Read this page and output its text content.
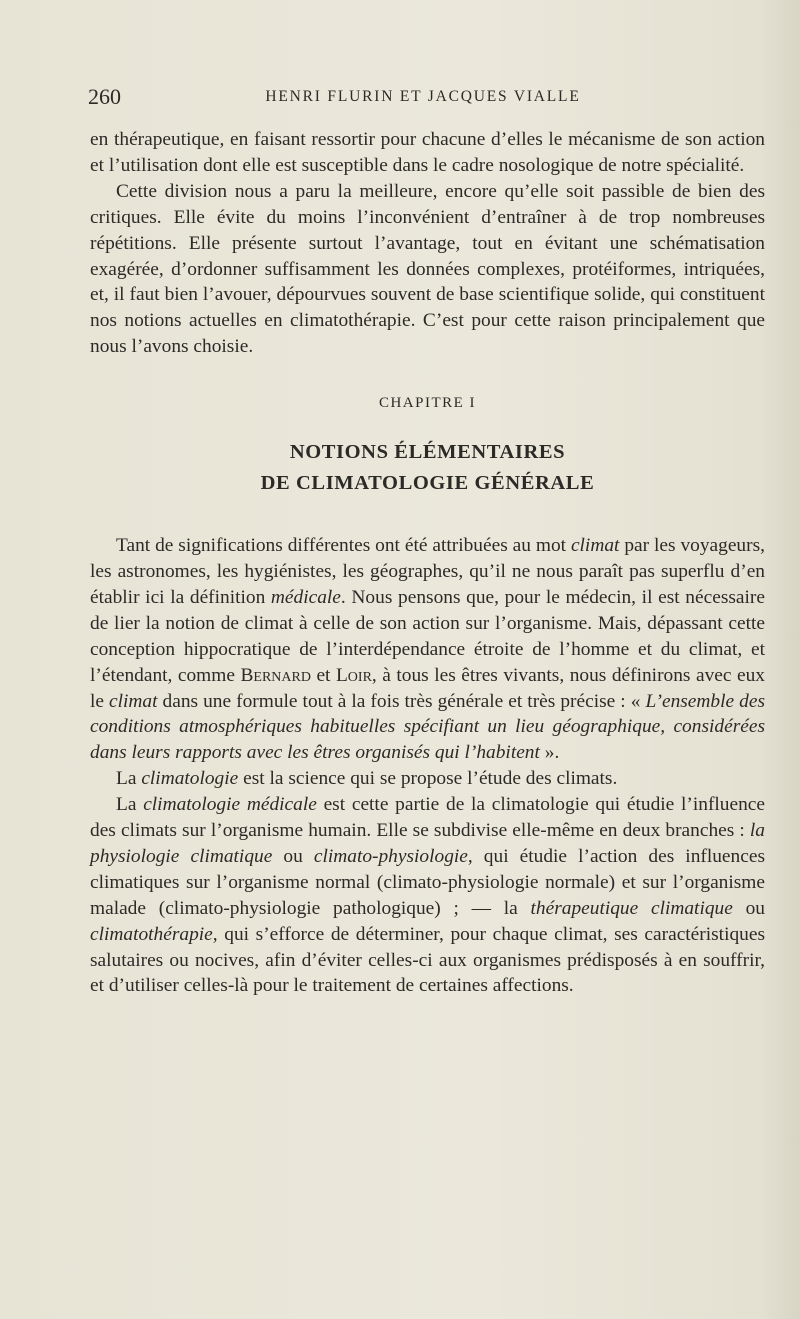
260	HENRI FLURIN ET JACQUES VIALLE

en thérapeutique, en faisant ressortir pour chacune d’elles le mécanisme de son action et l’utilisation dont elle est susceptible dans le cadre nosologique de notre spécialité.

Cette division nous a paru la meilleure, encore qu’elle soit passible de bien des critiques. Elle évite du moins l’inconvénient d’entraîner à de trop nombreuses répétitions. Elle présente surtout l’avantage, tout en évitant une schématisation exagérée, d’ordonner suffisamment les données complexes, protéiformes, intriquées, et, il faut bien l’avouer, dépourvues souvent de base scientifique solide, qui constituent nos notions actuelles en climatothérapie. C’est pour cette raison principalement que nous l’avons choisie.

CHAPITRE I
NOTIONS ÉLÉMENTAIRES
DE CLIMATOLOGIE GÉNÉRALE

Tant de significations différentes ont été attribuées au mot climat par les voyageurs, les astronomes, les hygiénistes, les géographes, qu’il ne nous paraît pas superflu d’en établir ici la définition médicale. Nous pensons que, pour le médecin, il est nécessaire de lier la notion de climat à celle de son action sur l’organisme. Mais, dépassant cette conception hippocratique de l’interdépendance étroite de l’homme et du climat, et l’étendant, comme Bernard et Loir, à tous les êtres vivants, nous définirons avec eux le climat dans une formule tout à la fois très générale et très précise : « L’ensemble des conditions atmosphériques habituelles spécifiant un lieu géographique, considérées dans leurs rapports avec les êtres organisés qui l’habitent ».

La climatologie est la science qui se propose l’étude des climats.

La climatologie médicale est cette partie de la climatologie qui étudie l’influence des climats sur l’organisme humain. Elle se subdivise elle-même en deux branches : la physiologie climatique ou climato-physiologie, qui étudie l’action des influences climatiques sur l’organisme normal (climato-physiologie normale) et sur l’organisme malade (climato-physiologie pathologique) ; — la thérapeutique climatique ou climatothérapie, qui s’efforce de déterminer, pour chaque climat, ses caractéristiques salutaires ou nocives, afin d’éviter celles-ci aux organismes prédisposés à en souffrir, et d’utiliser celles-là pour le traitement de certaines affections.
